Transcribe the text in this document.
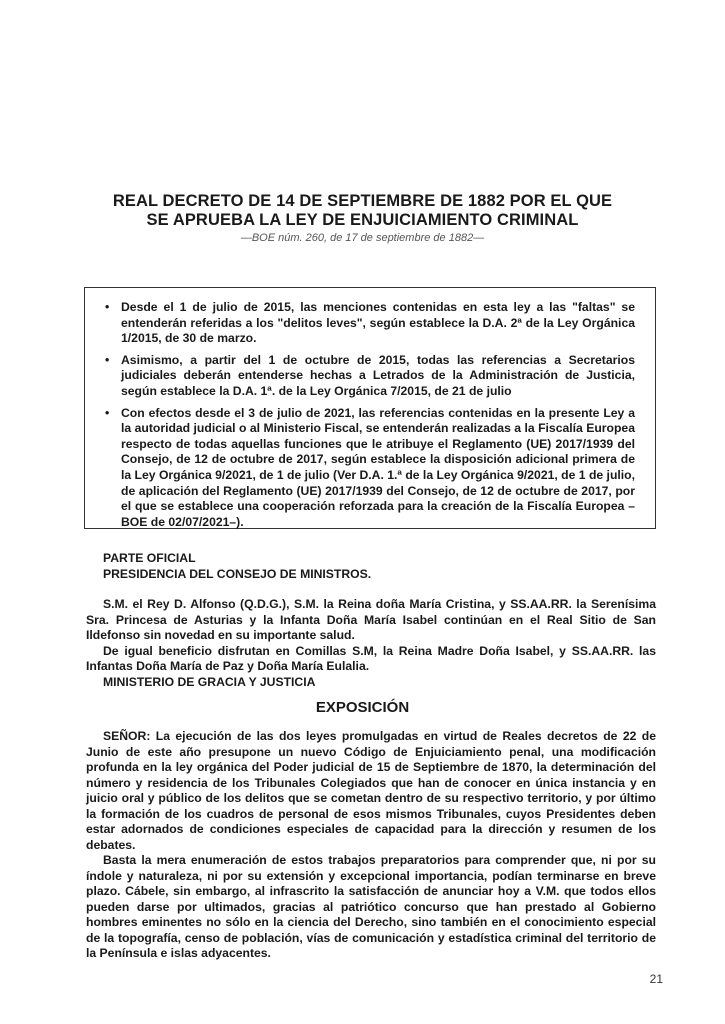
REAL DECRETO DE 14 DE SEPTIEMBRE DE 1882 POR EL QUE
SE APRUEBA LA LEY DE ENJUICIAMIENTO CRIMINAL
—BOE núm. 260, de 17 de septiembre de 1882—
• Desde el 1 de julio de 2015, las menciones contenidas en esta ley a las "faltas" se entenderán referidas a los "delitos leves", según establece la D.A. 2ª de la Ley Orgánica 1/2015, de 30 de marzo.
• Asimismo, a partir del 1 de octubre de 2015, todas las referencias a Secretarios judiciales deberán entenderse hechas a Letrados de la Administración de Justicia, según establece la D.A. 1ª. de la Ley Orgánica 7/2015, de 21 de julio
• Con efectos desde el 3 de julio de 2021, las referencias contenidas en la presente Ley a la autoridad judicial o al Ministerio Fiscal, se entenderán realizadas a la Fiscalía Europea respecto de todas aquellas funciones que le atribuye el Reglamento (UE) 2017/1939 del Consejo, de 12 de octubre de 2017, según establece la disposición adicional primera de la Ley Orgánica 9/2021, de 1 de julio (Ver D.A. 1.ª de la Ley Orgánica 9/2021, de 1 de julio, de aplicación del Reglamento (UE) 2017/1939 del Consejo, de 12 de octubre de 2017, por el que se establece una cooperación reforzada para la creación de la Fiscalía Europea –BOE de 02/07/2021–).

PARTE OFICIAL

PRESIDENCIA DEL CONSEJO DE MINISTROS.

S.M. el Rey D. Alfonso (Q.D.G.), S.M. la Reina doña María Cristina, y SS.AA.RR. la Serenísima Sra. Princesa de Asturias y la Infanta Doña María Isabel continúan en el Real Sitio de San Ildefonso sin novedad en su importante salud.

De igual beneficio disfrutan en Comillas S.M, la Reina Madre Doña Isabel, y SS.AA.RR. las Infantas Doña María de Paz y Doña María Eulalia.

MINISTERIO DE GRACIA Y JUSTICIA

EXPOSICIÓN

SEÑOR: La ejecución de las dos leyes promulgadas en virtud de Reales decretos de 22 de Junio de este año presupone un nuevo Código de Enjuiciamiento penal, una modificación profunda en la ley orgánica del Poder judicial de 15 de Septiembre de 1870, la determinación del número y residencia de los Tribunales Colegiados que han de conocer en única instancia y en juicio oral y público de los delitos que se cometan dentro de su respectivo territorio, y por último la formación de los cuadros de personal de esos mismos Tribunales, cuyos Presidentes deben estar adornados de condiciones especiales de capacidad para la dirección y resumen de los debates.

Basta la mera enumeración de estos trabajos preparatorios para comprender que, ni por su índole y naturaleza, ni por su extensión y excepcional importancia, podían terminarse en breve plazo. Cábele, sin embargo, al infrascrito la satisfacción de anunciar hoy a V.M. que todos ellos pueden darse por ultimados, gracias al patriótico concurso que han prestado al Gobierno hombres eminentes no sólo en la ciencia del Derecho, sino también en el conocimiento especial de la topografía, censo de población, vías de comunicación y estadística criminal del territorio de la Península e islas adyacentes.

21
